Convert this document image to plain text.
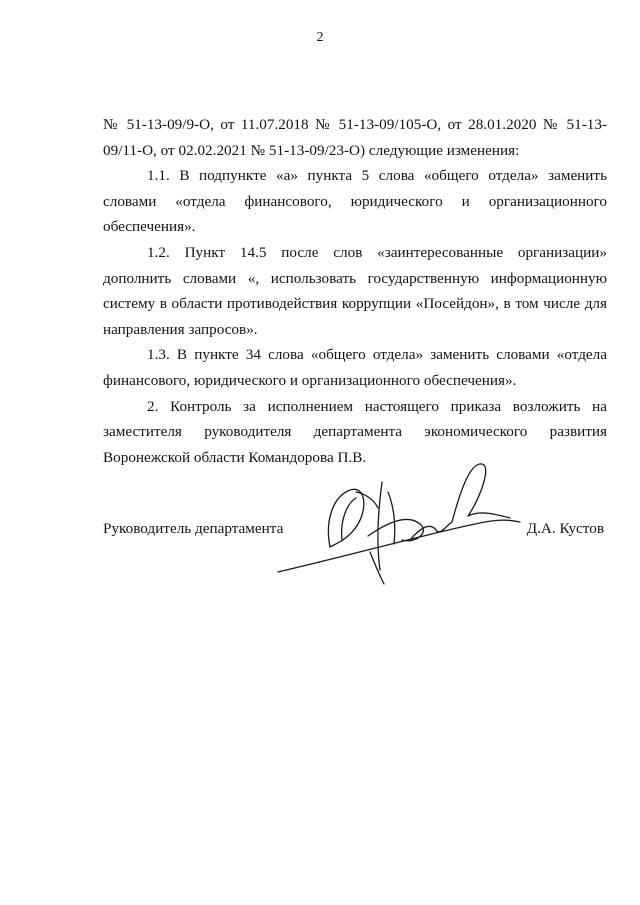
2

№ 51-13-09/9-О, от 11.07.2018 № 51-13-09/105-О, от 28.01.2020 № 51-13-09/11-О, от 02.02.2021 № 51-13-09/23-О) следующие изменения:

1.1. В подпункте «а» пункта 5 слова «общего отдела» заменить словами «отдела финансового, юридического и организационного обеспечения».

1.2. Пункт 14.5 после слов «заинтересованные организации» дополнить словами «, использовать государственную информационную систему в области противодействия коррупции «Посейдон», в том числе для направления запросов».

1.3. В пункте 34 слова «общего отдела» заменить словами «отдела финансового, юридического и организационного обеспечения».

2. Контроль за исполнением настоящего приказа возложить на заместителя руководителя департамента экономического развития Воронежской области Командорова П.В.

Руководитель департамента	Д.А. Кустов
